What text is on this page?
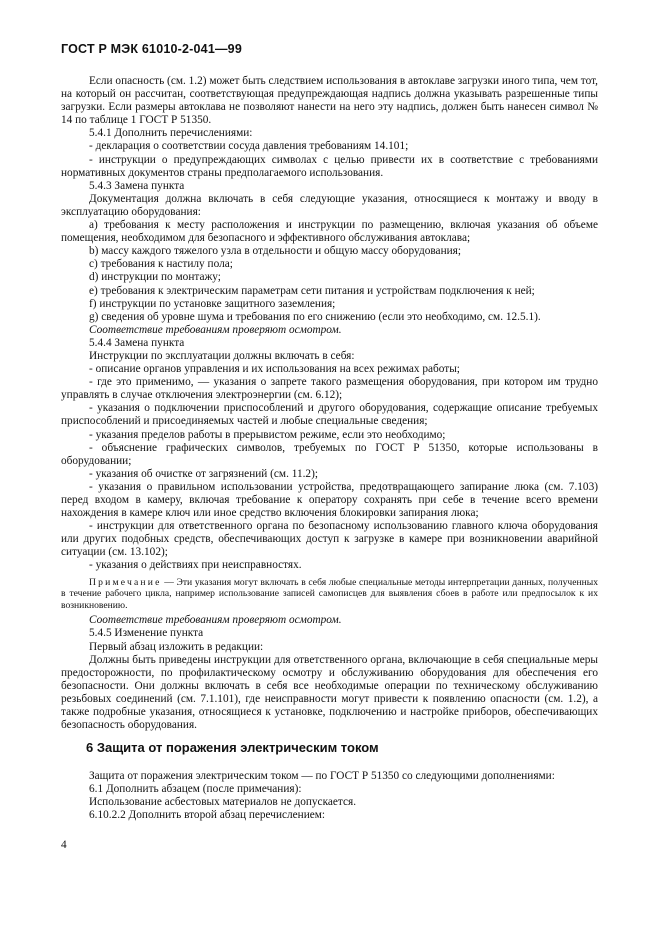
ГОСТ Р МЭК 61010-2-041—99

Если опасность (см. 1.2) может быть следствием использования в автоклаве загрузки иного типа, чем тот, на который он рассчитан, соответствующая предупреждающая надпись должна указывать разрешенные типы загрузки. Если размеры автоклава не позволяют нанести на него эту надпись, должен быть нанесен символ № 14 по таблице 1 ГОСТ Р 51350.

5.4.1 Дополнить перечислениями:

- декларация о соответствии сосуда давления требованиям 14.101;

- инструкции о предупреждающих символах с целью привести их в соответствие с требованиями нормативных документов страны предполагаемого использования.

5.4.3 Замена пункта

Документация должна включать в себя следующие указания, относящиеся к монтажу и вводу в эксплуатацию оборудования:

a) требования к месту расположения и инструкции по размещению, включая указания об объеме помещения, необходимом для безопасного и эффективного обслуживания автоклава;

b) массу каждого тяжелого узла в отдельности и общую массу оборудования;

c) требования к настилу пола;

d) инструкции по монтажу;

e) требования к электрическим параметрам сети питания и устройствам подключения к ней;

f) инструкции по установке защитного заземления;

g) сведения об уровне шума и требования по его снижению (если это необходимо, см. 12.5.1).

Соответствие требованиям проверяют осмотром.

5.4.4 Замена пункта

Инструкции по эксплуатации должны включать в себя:

- описание органов управления и их использования на всех режимах работы;

- где это применимо, — указания о запрете такого размещения оборудования, при котором им трудно управлять в случае отключения электроэнергии (см. 6.12);

- указания о подключении приспособлений и другого оборудования, содержащие описание требуемых приспособлений и присоединяемых частей и любые специальные сведения;

- указания пределов работы в прерывистом режиме, если это необходимо;

- объяснение графических символов, требуемых по ГОСТ Р 51350, которые использованы в оборудовании;

- указания об очистке от загрязнений (см. 11.2);

- указания о правильном использовании устройства, предотвращающего запирание люка (см. 7.103) перед входом в камеру, включая требование к оператору сохранять при себе в течение всего времени нахождения в камере ключ или иное средство включения блокировки запирания люка;

- инструкции для ответственного органа по безопасному использованию главного ключа оборудования или других подобных средств, обеспечивающих доступ к загрузке в камере при возникновении аварийной ситуации (см. 13.102);

- указания о действиях при неисправностях.

Примечание — Эти указания могут включать в себя любые специальные методы интерпретации данных, полученных в течение рабочего цикла, например использование записей самописцев для выявления сбоев в работе или предпосылок к их возникновению.

Соответствие требованиям проверяют осмотром.

5.4.5 Изменение пункта

Первый абзац изложить в редакции:

Должны быть приведены инструкции для ответственного органа, включающие в себя специальные меры предосторожности, по профилактическому осмотру и обслуживанию оборудования для обеспечения его безопасности. Они должны включать в себя все необходимые операции по техническому обслуживанию резьбовых соединений (см. 7.1.101), где неисправности могут привести к появлению опасности (см. 1.2), а также подробные указания, относящиеся к установке, подключению и настройке приборов, обеспечивающих безопасность оборудования.

6 Защита от поражения электрическим током

Защита от поражения электрическим током — по ГОСТ Р 51350 со следующими дополнениями:

6.1 Дополнить абзацем (после примечания):

Использование асбестовых материалов не допускается.

6.10.2.2 Дополнить второй абзац перечислением:

4
